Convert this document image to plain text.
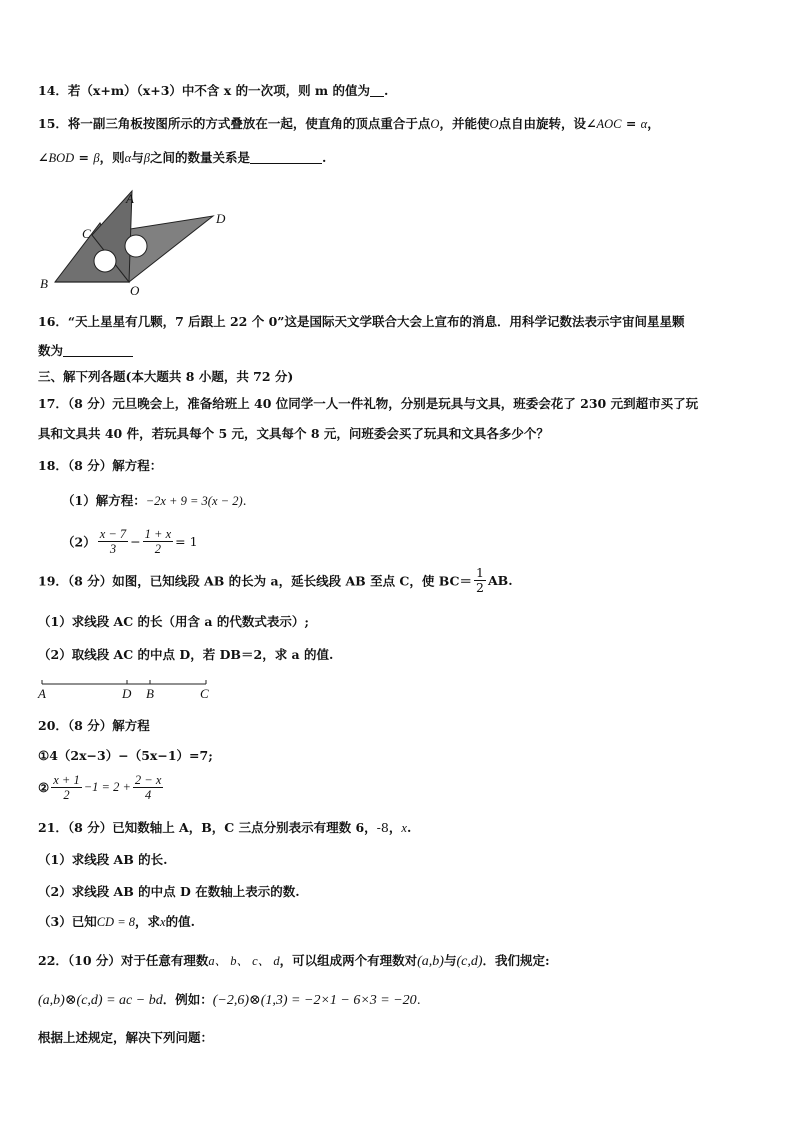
14．若（x+m）（x+3）中不含 x 的一次项，则 m 的值为 .
15．将一副三角板按图所示的方式叠放在一起，使直角的顶点重合于点O，并能使O点自由旋转，设∠AOC = α，
∠BOD = β，则α与β之间的数量关系是	.
A
B
C
D
O
16．“天上星星有几颗，7 后跟上 22 个 0”这是国际天文学联合大会上宣布的消息．用科学记数法表示宇宙间星星颗
数为
三、解下列各题(本大题共 8 小题，共 72 分)
17．（8 分）元旦晚会上，准备给班上 40 位同学一人一件礼物，分别是玩具与文具，班委会花了 230 元到超市买了玩
具和文具共 40 件，若玩具每个 5 元，文具每个 8 元，问班委会买了玩具和文具各多少个？
18．（8 分）解方程：
（1）解方程：−2x + 9 = 3(x − 2).
$(2) \frac{x - 7}{3} - \frac{1 + x}{2} = 1$
19．（8 分）如图，已知线段 AB 的长为 a，延长线段 AB 至点 C，使 $BC= \frac{1}{2}$ AB.
（1）求线段 AC 的长（用含 a 的代数式表示）;
（2）取线段 AC 的中点 D，若 DB＝2，求 a 的值.
A	D B	C
20．（8 分）解方程
①4（2x−3）−（5x−1）=7;
② $\frac{x + 1}{2} -1 = 2 + \frac{2 - x}{4}$
21．（8 分）已知数轴上 A，B，C 三点分别表示有理数 6，-8，x.
（1）求线段 AB 的长.
（2）求线段 AB 的中点 D 在数轴上表示的数.
（3）已知CD = 8，求x的值.
22．（10 分）对于任意有理数a、 b、 c、 d，可以组成两个有理数对(a,b)与(c,d)．我们规定:
(a,b)⊗(c,d) = ac − bd．例如：(−2,6)⊗(1,3) = −2×1 − 6×3 = −20.
根据上述规定，解决下列问题：
